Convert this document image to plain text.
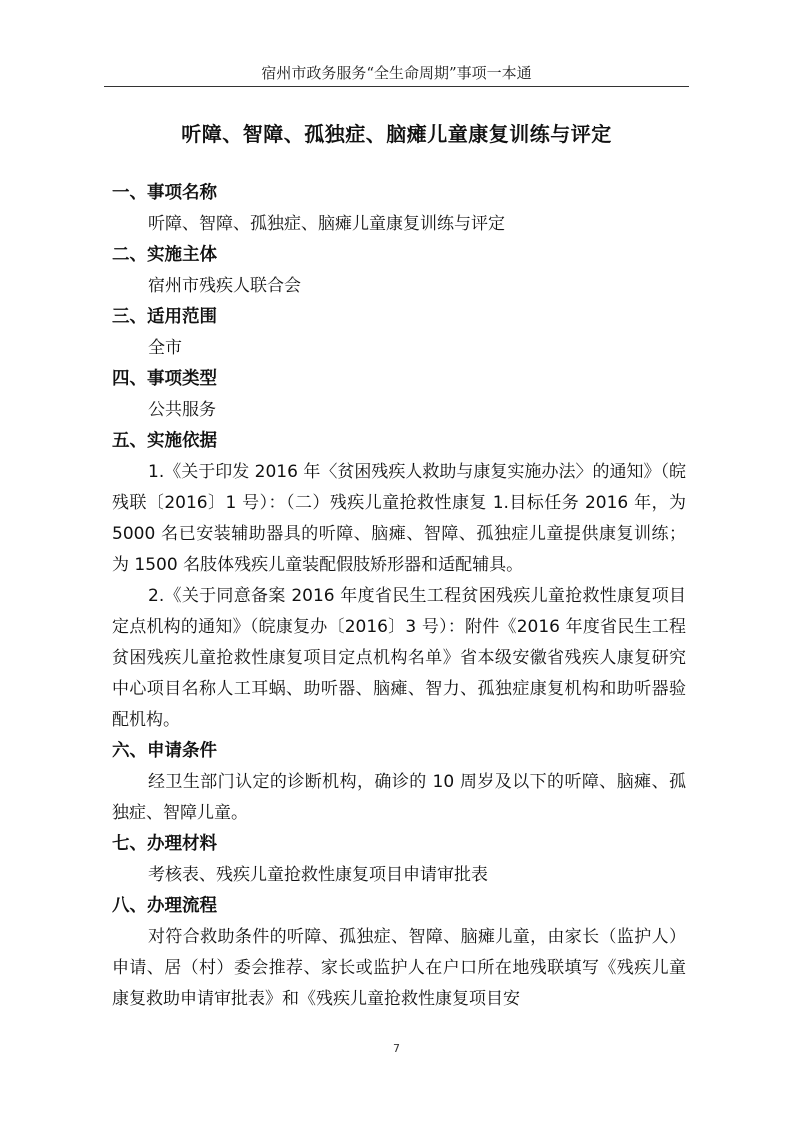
宿州市政务服务“全生命周期”事项一本通
听障、智障、孤独症、脑瘫儿童康复训练与评定

一、事项名称

听障、智障、孤独症、脑瘫儿童康复训练与评定

二、实施主体

宿州市残疾人联合会

三、适用范围

全市

四、事项类型

公共服务

五、实施依据

1.《关于印发 2016 年〈贫困残疾人救助与康复实施办法〉的通知》（皖残联〔2016〕1 号）：（二）残疾儿童抢救性康复 1.目标任务 2016 年，为 5000 名已安装辅助器具的听障、脑瘫、智障、孤独症儿童提供康复训练；为 1500 名肢体残疾儿童装配假肢矫形器和适配辅具。

2.《关于同意备案 2016 年度省民生工程贫困残疾儿童抢救性康复项目定点机构的通知》（皖康复办〔2016〕3 号）：附件《2016 年度省民生工程贫困残疾儿童抢救性康复项目定点机构名单》省本级安徽省残疾人康复研究中心项目名称人工耳蜗、助听器、脑瘫、智力、孤独症康复机构和助听器验配机构。

六、申请条件

经卫生部门认定的诊断机构，确诊的 10 周岁及以下的听障、脑瘫、孤独症、智障儿童。

七、办理材料

考核表、残疾儿童抢救性康复项目申请审批表

八、办理流程

对符合救助条件的听障、孤独症、智障、脑瘫儿童，由家长（监护人）申请、居（村）委会推荐、家长或监护人在户口所在地残联填写《残疾儿童康复救助申请审批表》和《残疾儿童抢救性康复项目安

7
